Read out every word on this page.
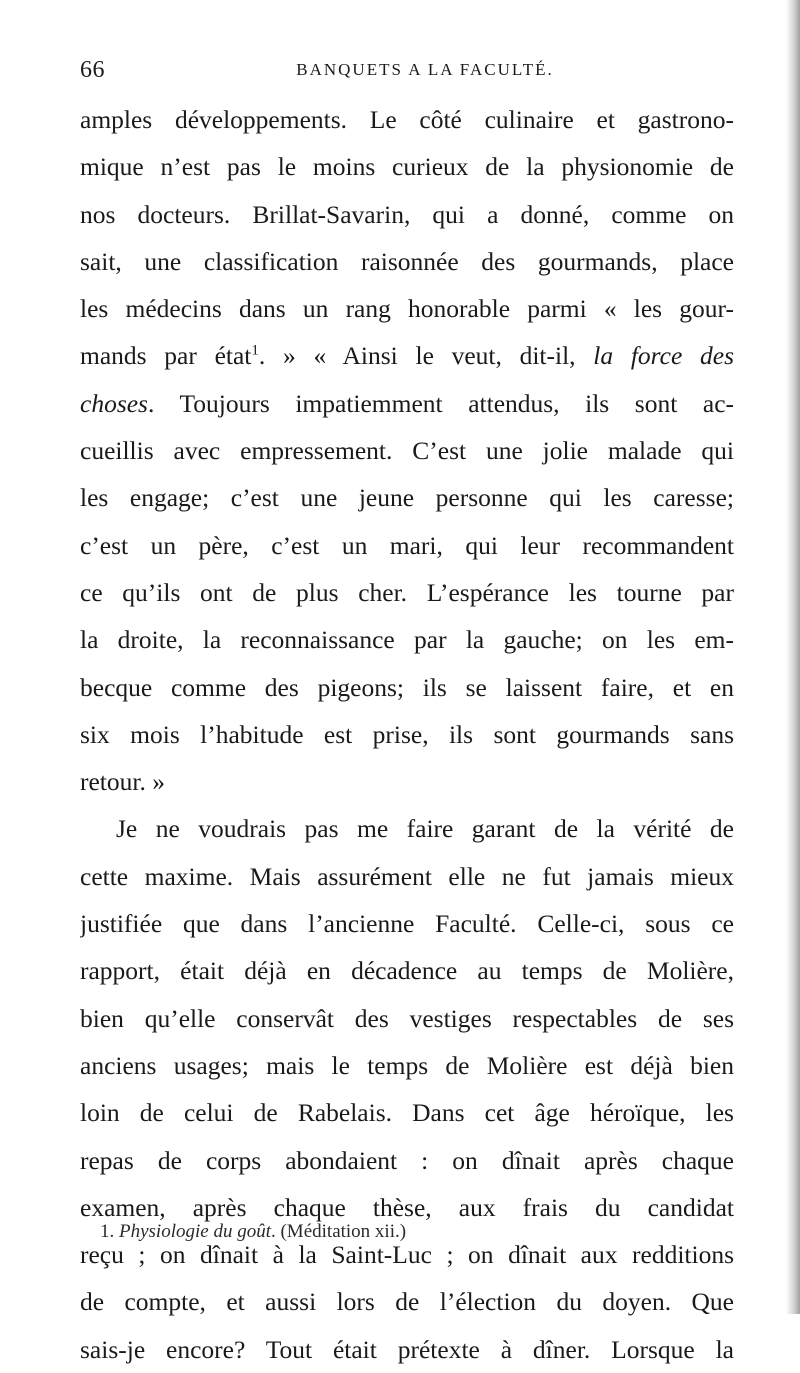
66	BANQUETS A LA FACULTÉ.
amples développements. Le côté culinaire et gastrono-
mique n’est pas le moins curieux de la physionomie de
nos docteurs. Brillat-Savarin, qui a donné, comme on
sait, une classification raisonnée des gourmands, place
les médecins dans un rang honorable parmi « les gour-
mands par état$^1$. » « Ainsi le veut, dit-il, la force des
choses. Toujours impatiemment attendus, ils sont ac-
cueillis avec empressement. C’est une jolie malade qui
les engage; c’est une jeune personne qui les caresse;
c’est un père, c’est un mari, qui leur recommandent
ce qu’ils ont de plus cher. L’espérance les tourne par
la droite, la reconnaissance par la gauche; on les em-
becque comme des pigeons; ils se laissent faire, et en
six mois l’habitude est prise, ils sont gourmands sans
retour. »
Je ne voudrais pas me faire garant de la vérité de
cette maxime. Mais assurément elle ne fut jamais mieux
justifiée que dans l’ancienne Faculté. Celle-ci, sous ce
rapport, était déjà en décadence au temps de Molière,
bien qu’elle conservât des vestiges respectables de ses
anciens usages; mais le temps de Molière est déjà bien
loin de celui de Rabelais. Dans cet âge héroïque, les
repas de corps abondaient : on dînait après chaque
examen, après chaque thèse, aux frais du candidat
reçu ; on dînait à la Saint-Luc ; on dînait aux redditions
de compte, et aussi lors de l’élection du doyen. Que
sais-je encore? Tout était prétexte à dîner. Lorsque la
1. Physiologie du goût. (Méditation xii.)
